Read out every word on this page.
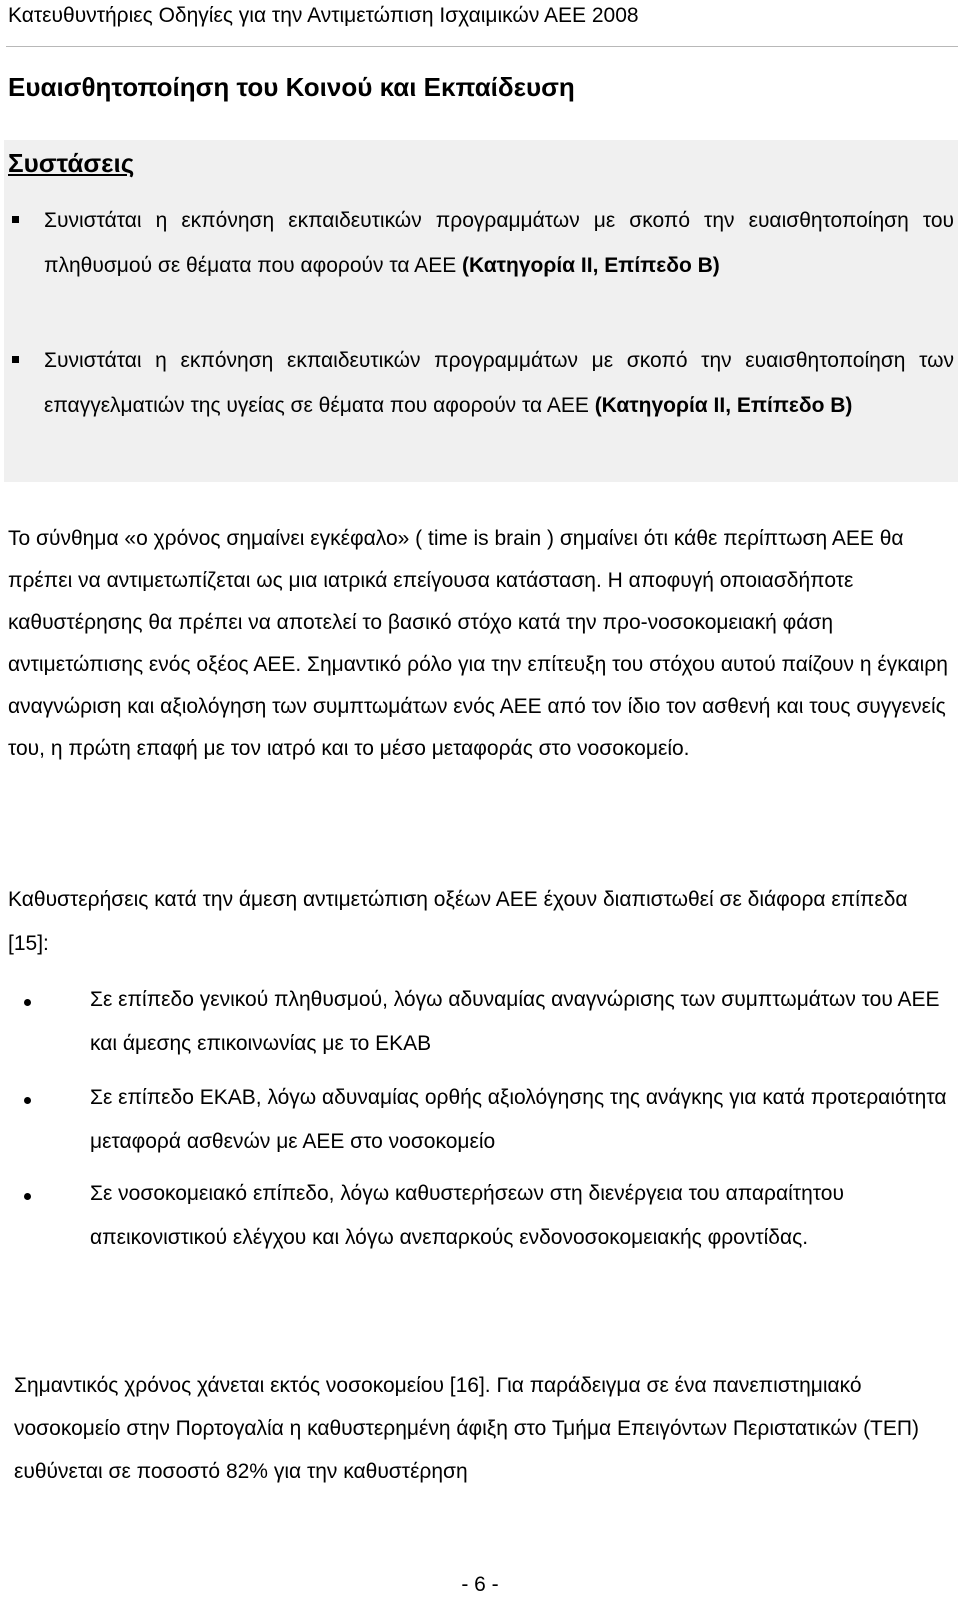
Κατευθυντήριες Οδηγίες για την Αντιμετώπιση Ισχαιμικών ΑΕΕ 2008
Ευαισθητοποίηση του Κοινού και Εκπαίδευση
Συστάσεις
Συνιστάται η εκπόνηση εκπαιδευτικών προγραμμάτων με σκοπό την ευαισθητοποίηση του πληθυσμού σε θέματα που αφορούν τα ΑΕΕ (Κατηγορία ΙΙ, Επίπεδο Β)
Συνιστάται η εκπόνηση εκπαιδευτικών προγραμμάτων με σκοπό την ευαισθητοποίηση των επαγγελματιών της υγείας σε θέματα που αφορούν τα ΑΕΕ (Κατηγορία ΙΙ, Επίπεδο Β)

Το σύνθημα «ο χρόνος σημαίνει εγκέφαλο» ( time is brain ) σημαίνει ότι κάθε περίπτωση ΑΕΕ θα πρέπει να αντιμετωπίζεται ως μια ιατρικά επείγουσα κατάσταση. Η αποφυγή οποιασδήποτε καθυστέρησης θα πρέπει να αποτελεί το βασικό στόχο κατά την προ-νοσοκομειακή φάση αντιμετώπισης ενός οξέος ΑΕΕ. Σημαντικό ρόλο για την επίτευξη του στόχου αυτού παίζουν η έγκαιρη αναγνώριση και αξιολόγηση των συμπτωμάτων ενός ΑΕΕ από τον ίδιο τον ασθενή και τους συγγενείς του, η πρώτη επαφή με τον ιατρό και το μέσο μεταφοράς στο νοσοκομείο.

Καθυστερήσεις κατά την άμεση αντιμετώπιση οξέων ΑΕΕ έχουν διαπιστωθεί σε διάφορα επίπεδα [15]:

Σε επίπεδο γενικού πληθυσμού, λόγω αδυναμίας αναγνώρισης των συμπτωμάτων του ΑΕΕ και άμεσης επικοινωνίας με το ΕΚΑΒ
Σε επίπεδο ΕΚΑΒ, λόγω αδυναμίας ορθής αξιολόγησης της ανάγκης για κατά προτεραιότητα μεταφορά ασθενών με ΑΕΕ στο νοσοκομείο
Σε νοσοκομειακό επίπεδο, λόγω καθυστερήσεων στη διενέργεια του απαραίτητου απεικονιστικού ελέγχου και λόγω ανεπαρκούς ενδονοσοκομειακής φροντίδας.

Σημαντικός χρόνος χάνεται εκτός νοσοκομείου [16]. Για παράδειγμα σε ένα πανεπιστημιακό νοσοκομείο στην Πορτογαλία η καθυστερημένη άφιξη στο Τμήμα Επειγόντων Περιστατικών (ΤΕΠ) ευθύνεται σε ποσοστό 82% για την καθυστέρηση

- 6 -
